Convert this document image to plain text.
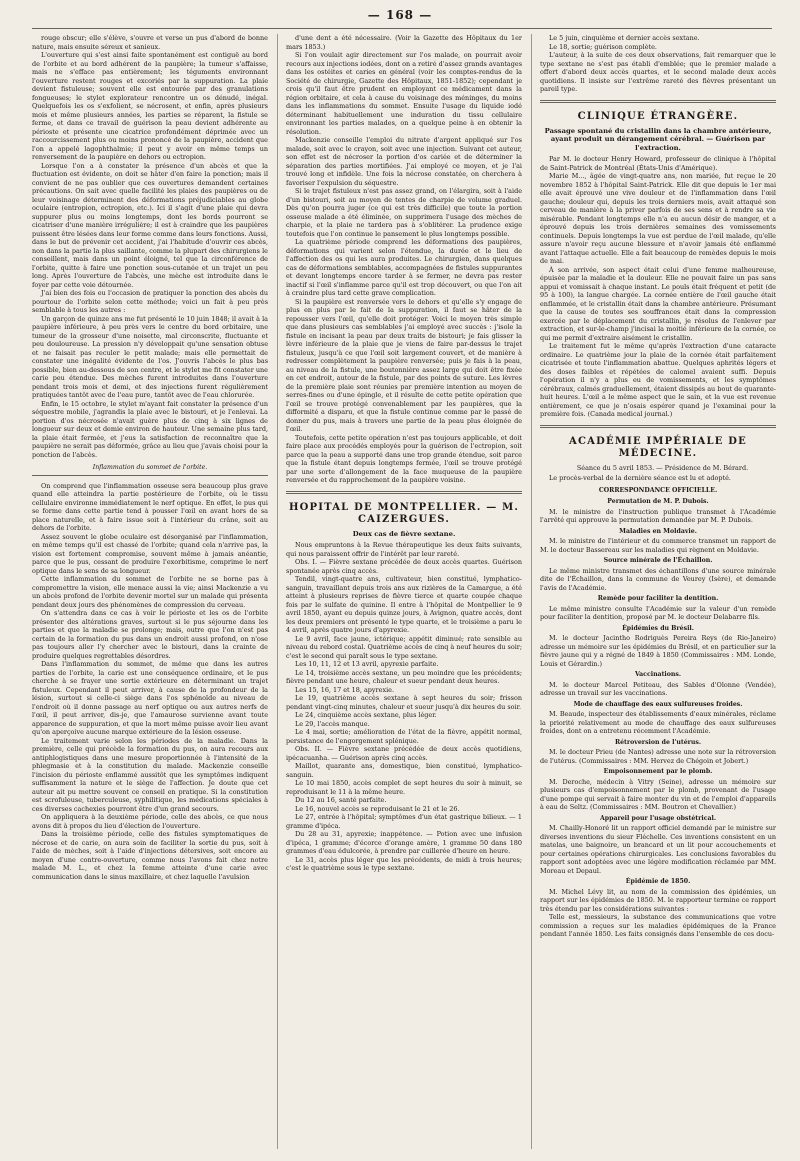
— 168 —

rouge obscur; elle s'élève, s'ouvre et verse un pus d'abord de bonne nature, mais ensuite séreux et sanieux.

L'ouverture qui s'est ainsi faite spontanément est contiguë au bord de l'orbite et au bord adhérent de la paupière; la tumeur s'affaisse, mais ne s'efface pas entièrement; les téguments environnant l'ouverture restent rouges et excoriés par la suppuration. La plaie devient fistuleuse; souvent elle est entourée par des granulations fongueuses; le stylet explorateur rencontre un os dénudé, inégal. Quelquefois les os s'exfolient, se nécrosent, et enfin, après plusieurs mois et même plusieurs années, les parties se réparent, la fistule se ferme, et dans ce travail de guérison la peau devient adhérente au périoste et présente une cicatrice profondément déprimée avec un raccourcissement plus ou moins prononcé de la paupière, accident que l'on a appelé lagophthalmie; il peut y avoir en même temps un renversement de la paupière en dehors ou ectropion.

Lorsque l'on a à constater la présence d'un abcès et que la fluctuation est évidente, on doit se hâter d'en faire la ponction; mais il convient de ne pas oublier que ces ouvertures demandent certaines précautions. On sait avec quelle facilité les plaies des paupières ou de leur voisinage déterminent des déformations préjudiciables au globe oculaire (entropion, ectropion, etc.). Ici il s'agit d'une plaie qui devra suppurer plus ou moins longtemps, dont les bords pourront se cicatriser d'une manière irrégulière; il est à craindre que les paupières puissent être lésées dans leur forme comme dans leurs fonctions. Aussi, dans le but de prévenir cet accident, j'ai l'habitude d'ouvrir ces abcès, non dans la partie la plus saillante, comme la plupart des chirurgiens le conseillent, mais dans un point éloigné, tel que la circonférence de l'orbite, quitte à faire une ponction sous-cutanée et un trajet un peu long. Après l'ouverture de l'abcès, une mèche est introduite dans le foyer par cette voie détournée.

J'ai bien des fois eu l'occasion de pratiquer la ponction des abcès du pourtour de l'orbite selon cette méthode; voici un fait à peu près semblable à tous les autres :

Un garçon de quinze ans me fut présenté le 10 juin 1848; il avait à la paupière inférieure, à peu près vers le centre du bord orbitaire, une tumeur de la grosseur d'une noisette, mal circonscrite, fluctuante et peu douloureuse. La pression n'y développait qu'une sensation obtuse et ne faisait pas reculer le petit malade; mais elle permettait de constater une inégalité évidente de l'os. J'ouvris l'abcès le plus bas possible, bien au-dessous de son centre, et le stylet me fit constater une carie peu étendue. Des mèches furent introduites dans l'ouverture pendant trois mois et demi, et des injections furent régulièrement pratiquées tantôt avec de l'eau pure, tantôt avec de l'eau chlorurée.

Enfin, le 15 octobre, le stylet m'ayant fait constater la présence d'un séquestre mobile, j'agrandis la plaie avec le bistouri, et je l'enlevai. La portion d'os nécrosée n'avait guère plus de cinq à six lignes de longueur sur deux et demie environ de hauteur. Une semaine plus tard, la plaie était fermée, et j'eus la satisfaction de reconnaître que la paupière ne serait pas déformée, grâce au lieu que j'avais choisi pour la ponction de l'abcès.

Inflammation du sommet de l'orbite.

On comprend que l'inflammation osseuse sera beaucoup plus grave quand elle atteindra la partie postérieure de l'orbite, où le tissu cellulaire environne immédiatement le nerf optique. En effet, le pus qui se forme dans cette partie tend à pousser l'œil en avant hors de sa place naturelle, et à faire issue soit à l'intérieur du crâne, soit au dehors de l'orbite.

Assez souvent le globe oculaire est désorganisé par l'inflammation, en même temps qu'il est chassé de l'orbite; quand cela n'arrive pas, la vision est fortement compromise, souvent même à jamais anéantie, parce que le pus, cessant de produire l'exorbitisme, comprime le nerf optique dans le sens de sa longueur.

Cette inflammation du sommet de l'orbite ne se borne pas à compromettre la vision, elle menace aussi la vie; ainsi Mackenzie a vu un abcès profond de l'orbite devenir mortel sur un malade qui présenta pendant deux jours des phénomènes de compression du cerveau.

On s'attendra dans ce cas à voir le périoste et les os de l'orbite présenter des altérations graves, surtout si le pus séjourne dans les parties et que la maladie se prolonge; mais, outre que l'on n'est pas certain de la formation du pus dans un endroit aussi profond, on n'ose pas toujours aller l'y chercher avec le bistouri, dans la crainte de produire quelques regrettables désordres.

Dans l'inflammation du sommet, de même que dans les autres parties de l'orbite, la carie est une conséquence ordinaire, et le pus cherche à se frayer une sortie extérieure en déterminant un trajet fistuleux. Cependant il peut arriver, à cause de la profondeur de la lésion, surtout si celle-ci siège dans l'os sphénoïde au niveau de l'endroit où il donne passage au nerf optique ou aux autres nerfs de l'œil, il peut arriver, dis-je, que l'amaurose survienne avant toute apparence de suppuration, et que la mort même puisse avoir lieu avant qu'on aperçoive aucune marque extérieure de la lésion osseuse.

Le traitement varie selon les périodes de la maladie. Dans la première, celle qui précède la formation du pus, on aura recours aux antiphlogistiques dans une mesure proportionnée à l'intensité de la phlegmasie et à la constitution du malade. Mackenzie conseille l'incision du périoste enflammé aussitôt que les symptômes indiquent suffisamment la nature et le siège de l'affection. Je doute que cet auteur ait pu mettre souvent ce conseil en pratique. Si la constitution est scrofuleuse, tuberculeuse, syphilitique, les médications spéciales à ces diverses cachexies pourront être d'un grand secours.

On appliquera à la deuxième période, celle des abcès, ce que nous avons dit à propos du lieu d'élection de l'ouverture.

Dans la troisième période, celle des fistules symptomatiques de nécrose et de carie, on aura soin de faciliter la sortie du pus, soit à l'aide de mèches, soit à l'aide d'injections détersives, soit encore au moyen d'une contre-ouverture, comme nous l'avons fait chez notre malade M. L., et chez la femme atteinte d'une carie avec communication dans le sinus maxillaire, et chez laquelle l'avulsion

d'une dent a été nécessaire. (Voir la Gazette des Hôpitaux du 1er mars 1853.)

Si l'on voulait agir directement sur l'os malade, on pourrait avoir recours aux injections iodées, dont on a retiré d'assez grands avantages dans les ostéites et caries en général (voir les comptes-rendus de la Société de chirurgie, Gazette des Hôpitaux, 1851-1852); cependant je crois qu'il faut être prudent en employant ce médicament dans la région orbitaire, et cela à cause du voisinage des méninges, du moins dans les inflammations du sommet. Ensuite l'usage du liquide iodé déterminant habituellement une induration du tissu cellulaire environnant les parties malades, on a quelque peine à en obtenir la résolution.

Mackenzie conseille l'emploi du nitrate d'argent appliqué sur l'os malade, soit avec le crayon, soit avec une injection. Suivant cet auteur, son effet est de nécroser la portion d'os cariée et de déterminer la séparation des parties mortifiées. J'ai employé ce moyen, et je l'ai trouvé long et infidèle. Une fois la nécrose constatée, on cherchera à favoriser l'expulsion du séquestre.

Si le trajet fistuleux n'est pas assez grand, on l'élargira, soit à l'aide d'un bistouri, soit au moyen de tentes de charpie de volume graduel. Dès qu'on pourra juger (ce qui est très difficile) que toute la portion osseuse malade a été éliminée, on supprimera l'usage des mèches de charpie, et la plaie ne tardera pas à s'oblitérer. La prudence exige toutefois que l'on continue le pansement le plus longtemps possible.

La quatrième période comprend les déformations des paupières, déformations qui varient selon l'étendue, la durée et le lieu de l'affection des os qui les aura produites. Le chirurgien, dans quelques cas de déformations semblables, accompagnées de fistules suppurantes et devant longtemps encore tarder à se fermer, ne devra pas rester inactif si l'œil s'inflamme parce qu'il est trop découvert, ou que l'on ait à craindre plus tard cette grave complication.

Si la paupière est renversée vers le dehors et qu'elle s'y engage de plus en plus par le fait de la suppuration, il faut se hâter de la repousser vers l'œil, qu'elle doit protéger. Voici le moyen très simple que dans plusieurs cas semblables j'ai employé avec succès : j'isole la fistule en incisant la peau par deux traits de bistouri; je fais glisser la lèvre inférieure de la plaie que je viens de faire par-dessus le trajet fistuleux, jusqu'à ce que l'œil soit largement couvert, et de manière à redresser complètement la paupière renversée; puis je fais à la peau, au niveau de la fistule, une boutonnière assez large qui doit être fixée en cet endroit, autour de la fistule, par des points de suture. Les lèvres de la première plaie sont réunies par première intention au moyen de serres-fines ou d'une épingle, et il résulte de cette petite opération que l'œil se trouve protégé convenablement par les paupières, que la difformité a disparu, et que la fistule continue comme par le passé de donner du pus, mais à travers une partie de la peau plus éloignée de l'œil.

Toutefois, cette petite opération n'est pas toujours applicable, et doit faire place aux procédés employés pour la guérison de l'ectropion, soit parce que la peau a supporté dans une trop grande étendue, soit parce que la fistule étant depuis longtemps fermée, l'œil se trouve protégé par une sorte d'allongement de la face muqueuse de la paupière renversée et du rapprochement de la paupière voisine.

HOPITAL DE MONTPELLIER. — M. CAIZERGUES.
Deux cas de fièvre sextane.

Nous empruntons à la Revue thérapeutique les deux faits suivants, qui nous paraissent offrir de l'intérêt par leur rareté.

Obs. I. — Fièvre sextane précédée de deux accès quartes. Guérison spontanée après cinq accès.

Tendil, vingt-quatre ans, cultivateur, bien constitué, lymphatico-sanguin, travaillant depuis trois ans aux rizières de la Camargue, a été atteint à plusieurs reprises de fièvre tierce et quarte coupée chaque fois par le sulfate de quinine. Il entre à l'hôpital de Montpellier le 9 avril 1850, ayant eu depuis quinze jours, à Avignon, quatre accès, dont les deux premiers ont présenté le type quarte, et le troisième a paru le 4 avril, après quatre jours d'apyrexie.

Le 9 avril, face jaune, ictérique; appétit diminué; rate sensible au niveau du rebord costal. Quatrième accès de cinq à neuf heures du soir; c'est le second qui paraît sous le type sextane.

Les 10, 11, 12 et 13 avril, apyrexie parfaite.

Le 14, troisième accès sextane, un peu moindre que les précédents; fièvre pendant une heure, chaleur et sueur pendant deux heures.

Les 15, 16, 17 et 18, apyrexie.

Le 19, quatrième accès sextane à sept heures du soir; frisson pendant vingt-cinq minutes, chaleur et sueur jusqu'à dix heures du soir.

Le 24, cinquième accès sextane, plus léger.

Le 29, l'accès manque.

Le 4 mai, sortie; amélioration de l'état de la fièvre, appétit normal, persistance de l'engorgement splénique.

Obs. II. — Fièvre sextane précédée de deux accès quotidiens, ipécacuanha. — Guérison après cinq accès.

Maillot, quarante ans, domestique, bien constitué, lymphatico-sanguin.

Le 10 mai 1850, accès complet de sept heures du soir à minuit, se reproduisant le 11 à la même heure.

Du 12 au 16, santé parfaite.

Le 16, nouvel accès se reproduisant le 21 et le 26.

Le 27, entrée à l'hôpital; symptômes d'un état gastrique bilieux. — 1 gramme d'ipéca.

Du 28 au 31, apyrexie; inappétence. — Potion avec une infusion d'ipéca, 1 gramme; d'écorce d'orange amère, 1 gramme 50 dans 180 grammes d'eau édulcorée, à prendre par cuillerée d'heure en heure.

Le 31, accès plus léger que les précédents, de midi à trois heures; c'est le quatrième sous le type sextane.

Le 5 juin, cinquième et dernier accès sextane.

Le 18, sortie; guérison complète.

L'auteur, à la suite de ces deux observations, fait remarquer que le type sextane ne s'est pas établi d'emblée; que le premier malade a offert d'abord deux accès quartes, et le second malade deux accès quotidiens. Il insiste sur l'extrême rareté des fièvres présentant un pareil type.

CLINIQUE ÉTRANGÈRE.
Passage spontané du cristallin dans la chambre antérieure, ayant produit un dérangement cérébral. — Guérison par l'extraction.

Par M. le docteur Henry Howard, professeur de clinique à l'hôpital de Saint-Patrick de Montréal (États-Unis d'Amérique).

Marie M..., âgée de vingt-quatre ans, non mariée, fut reçue le 20 novembre 1852 à l'hôpital Saint-Patrick. Elle dit que depuis le 1er mai elle avait éprouvé une vive douleur et de l'inflammation dans l'œil gauche; douleur qui, depuis les trois derniers mois, avait attaqué son cerveau de manière à la priver parfois de ses sens et à rendre sa vie misérable. Pendant longtemps elle n'a eu aucun désir de manger, et a éprouvé depuis les trois dernières semaines des vomissements continuels. Depuis longtemps la vue est perdue de l'œil malade, qu'elle assure n'avoir reçu aucune blessure et n'avoir jamais été enflammé avant l'attaque actuelle. Elle a fait beaucoup de remèdes depuis le mois de mai.

À son arrivée, son aspect était celui d'une femme malheureuse, épuisée par la maladie et la douleur. Elle ne pouvait faire un pas sans appui et vomissait à chaque instant. Le pouls était fréquent et petit (de 95 à 100), la langue chargée. La cornée entière de l'œil gauche était enflammée, et le cristallin était dans la chambre antérieure. Présumant que la cause de toutes ses souffrances était dans la compression exercée par le déplacement du cristallin, je résolus de l'enlever par extraction, et sur-le-champ j'incisai la moitié inférieure de la cornée, ce qui me permit d'extraire aisément le cristallin.

Le traitement fut le même qu'après l'extraction d'une cataracte ordinaire. Le quatrième jour la plaie de la cornée était parfaitement cicatrisée et toute l'inflammation abattue. Quelques aphrités légers et des doses faibles et répétées de calomel avaient suffi. Depuis l'opération il n'y a plus eu de vomissements, et les symptômes cérébraux, calmés graduellement, étaient dissipés au bout de quarante-huit heures. L'œil a le même aspect que le sain, et la vue est revenue entièrement, ce que je n'osais espérer quand je l'examinai pour la première fois. (Canada medical journal.)

ACADÉMIE IMPÉRIALE DE MÉDECINE.

Séance du 5 avril 1853. — Présidence de M. Bérard.

Le procès-verbal de la dernière séance est lu et adopté.

CORRESPONDANCE OFFICIELLE.
Permutation de M. P. Dubois.

M. le ministre de l'instruction publique transmet à l'Académie l'arrêté qui approuve la permutation demandée par M. P. Dubois.

Maladies en Moldavie.

M. le ministre de l'intérieur et du commerce transmet un rapport de M. le docteur Bassereau sur les maladies qui règnent en Moldavie.

Source minérale de l'Échaillon.

Le même ministre transmet des échantillons d'une source minérale dite de l'Échaillon, dans la commune de Veurey (Isère), et demande l'avis de l'Académie.

Remède pour faciliter la dentition.

Le même ministre consulte l'Académie sur la valeur d'un remède pour faciliter la dentition, proposé par M. le docteur Delabarre fils.

Épidémies du Brésil.

M. le docteur Jacintho Rodriguès Pereira Reys (de Rio-Janeiro) adresse un mémoire sur les épidémies du Brésil, et en particulier sur la fièvre jaune qui y a régné de 1849 à 1850 (Commissaires : MM. Londe, Louis et Gérardin.)

Vaccinations.

M. le docteur Marcel Petiteau, des Sables d'Olonne (Vendée), adresse un travail sur les vaccinations.

Mode de chauffage des eaux sulfureuses froides.

M. Beaude, inspecteur des établissements d'eaux minérales, réclame la priorité relativement au mode de chauffage des eaux sulfureuses froides, dont on a entretenu récemment l'Académie.

Rétroversion de l'utérus.

M. le docteur Prieu (de Nantes) adresse une note sur la rétroversion de l'utérus. (Commissaires : MM. Hervez de Chégoin et Jobert.)

Empoisonnement par le plomb.

M. Deroche, médecin à Vitry (Seine), adresse un mémoire sur plusieurs cas d'empoisonnement par le plomb, provenant de l'usage d'une pompe qui servait à faire monter du vin et de l'emploi d'appareils à eau de Seltz. (Commissaires : MM. Boutron et Chevallier.)

Appareil pour l'usage obstétrical.

M. Chailly-Honoré lit un rapport officiel demandé par le ministre sur diverses inventions du sieur Fléchelle. Ces inventions consistent en un matelas, une baignoire, un brancard et un lit pour accouchements et pour certaines opérations chirurgicales. Les conclusions favorables du rapport sont adoptées avec une légère modification réclamée par MM. Moreau et Depaul.

Épidémie de 1850.

M. Michel Lévy lit, au nom de la commission des épidémies, un rapport sur les épidémies de 1850. M. le rapporteur termine ce rapport très étendu par les considérations suivantes :

Telle est, messieurs, la substance des communications que votre commission a reçues sur les maladies épidémiques de la France pendant l'année 1850. Les faits consignés dans l'ensemble de ces docu-
